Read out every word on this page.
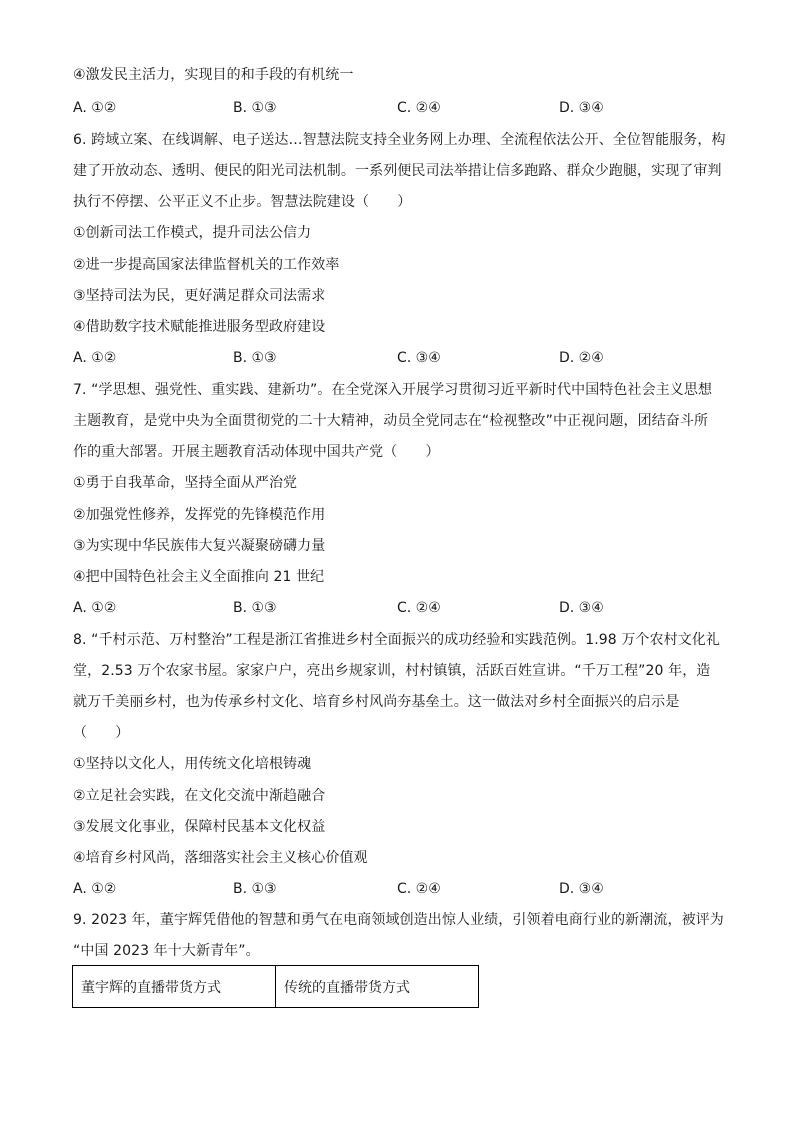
④激发民主活力，实现目的和手段的有机统一
A. ①②	B. ①③	C. ②④	D. ③④
6. 跨域立案、在线调解、电子送达…智慧法院支持全业务网上办理、全流程依法公开、全位智能服务，构
建了开放动态、透明、便民的阳光司法机制。一系列便民司法举措让信多跑路、群众少跑腿，实现了审判
执行不停摆、公平正义不止步。智慧法院建设（　　）
①创新司法工作模式，提升司法公信力
②进一步提高国家法律监督机关的工作效率
③坚持司法为民，更好满足群众司法需求
④借助数字技术赋能推进服务型政府建设
A. ①②	B. ①③	C. ③④	D. ②④
7. “学思想、强党性、重实践、建新功”。在全党深入开展学习贯彻习近平新时代中国特色社会主义思想
主题教育，是党中央为全面贯彻党的二十大精神，动员全党同志在“检视整改”中正视问题，团结奋斗所
作的重大部署。开展主题教育活动体现中国共产党（　　）
①勇于自我革命，坚持全面从严治党
②加强党性修养，发挥党的先锋模范作用
③为实现中华民族伟大复兴凝聚磅礴力量
④把中国特色社会主义全面推向 21 世纪
A. ①②	B. ①③	C. ②④	D. ③④
8. “千村示范、万村整治”工程是浙江省推进乡村全面振兴的成功经验和实践范例。1.98 万个农村文化礼
堂，2.53 万个农家书屋。家家户户，亮出乡规家训，村村镇镇，活跃百姓宣讲。“千万工程”20 年，造
就万千美丽乡村，也为传承乡村文化、培育乡村风尚夯基垒土。这一做法对乡村全面振兴的启示是
（　　）
①坚持以文化人，用传统文化培根铸魂
②立足社会实践，在文化交流中渐趋融合
③发展文化事业，保障村民基本文化权益
④培育乡村风尚，落细落实社会主义核心价值观
A. ①②	B. ①③	C. ②④	D. ③④
9. 2023 年，董宇辉凭借他的智慧和勇气在电商领域创造出惊人业绩，引领着电商行业的新潮流，被评为
“中国 2023 年十大新青年”。
董宇辉的直播带货方式	传统的直播带货方式
